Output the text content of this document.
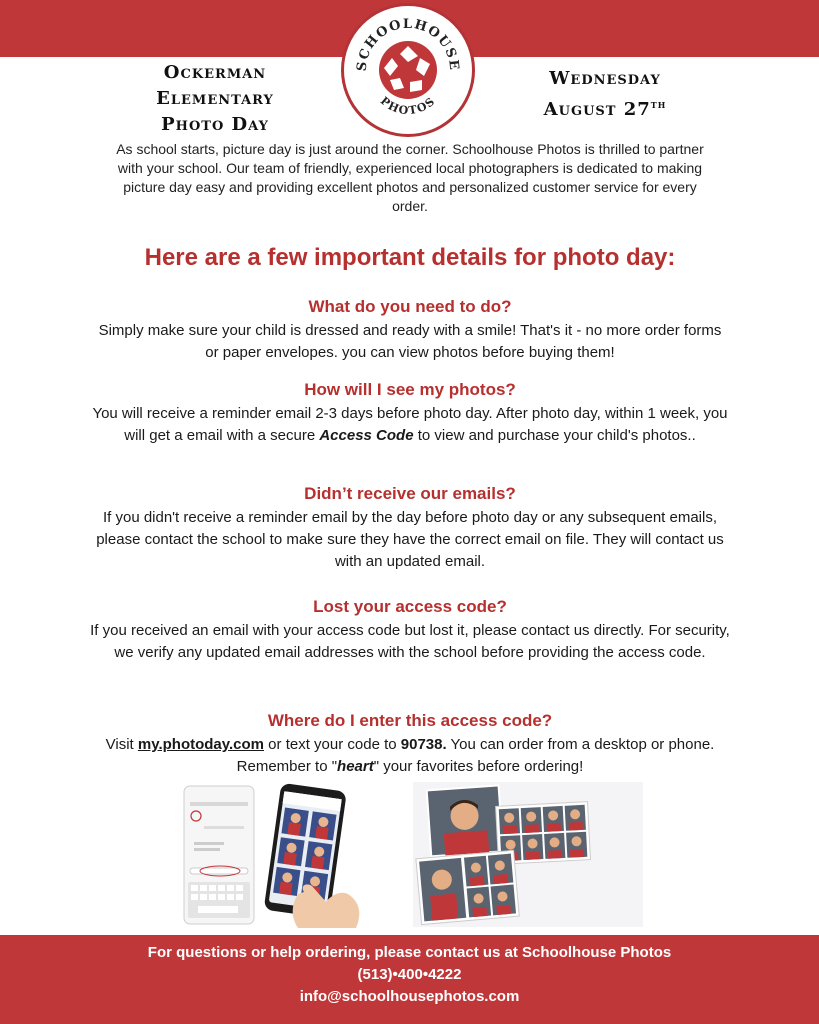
SCHOOLHOUSE
PHOTOS
Ockerman
Elementary
Photo Day
Wednesday
August 27th
As school starts, picture day is just around the corner. Schoolhouse Photos is thrilled to partner with your school. Our team of friendly, experienced local photographers is dedicated to making picture day easy and providing excellent photos and personalized customer service for every order.
Here are a few important details for photo day:
What do you need to do?

Simply make sure your child is dressed and ready with a smile! That's it - no more order forms or paper envelopes. you can view photos before buying them!

How will I see my photos?

You will receive a reminder email 2-3 days before photo day. After photo day, within 1 week, you will get a email with a secure Access Code to view and purchase your child's photos..

Didn’t receive our emails?

If you didn't receive a reminder email by the day before photo day or any subsequent emails, please contact the school to make sure they have the correct email on file. They will contact us with an updated email.

Lost your access code?

If you received an email with your access code but lost it, please contact us directly. For security, we verify any updated email addresses with the school before providing the access code.

Where do I enter this access code?

Visit my.photoday.com or text your code to 90738. You can order from a desktop or phone. Remember to "heart" your favorites before ordering!

For questions or help ordering, please contact us at Schoolhouse Photos
(513)•400•4222
info@schoolhousephotos.com
